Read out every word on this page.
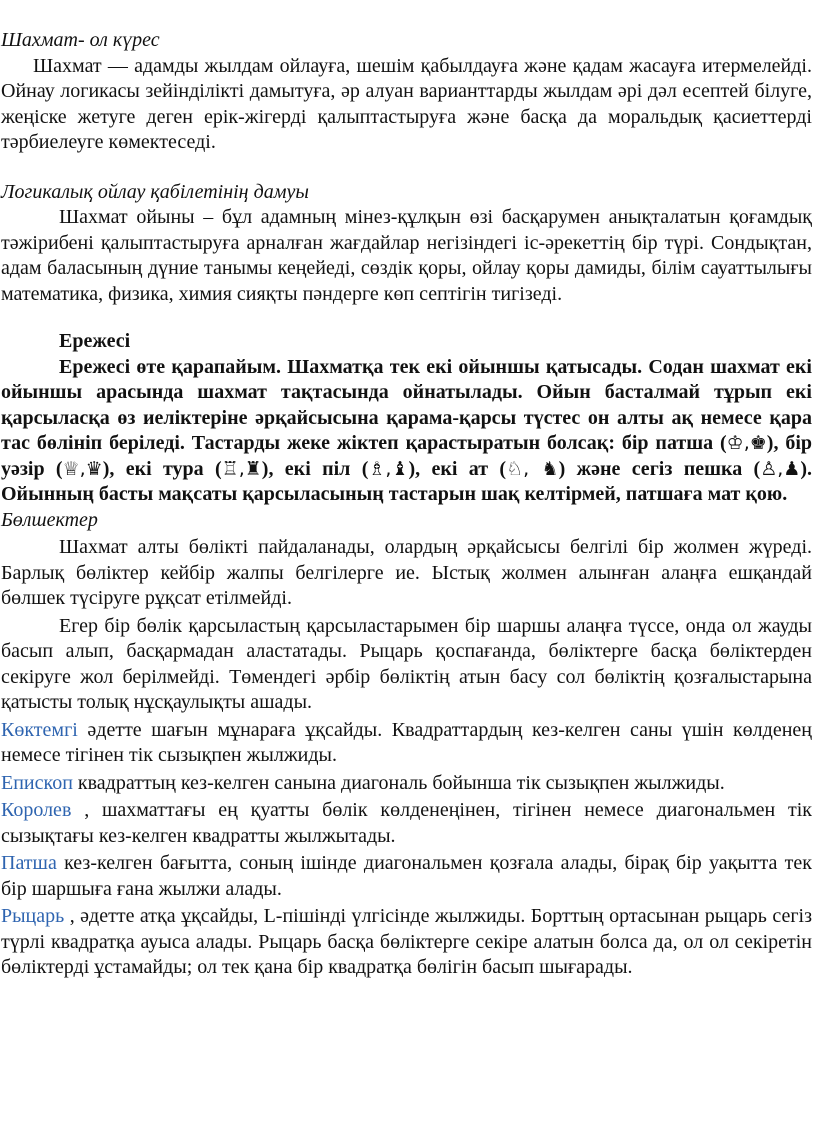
Шахмат- ол күрес

Шахмат — адамды жылдам ойлауға, шешім қабылдауға және қадам жасауға итермелейді. Ойнау логикасы зейінділікті дамытуға, әр алуан варианттарды жылдам әрі дәл есептей білуге, жеңіске жетуге деген ерік-жігерді қалыптастыруға және басқа да моральдық қасиеттерді тәрбиелеуге көмектеседі.

Логикалық ойлау қабілетінің дамуы

Шахмат ойыны – бұл адамның мінез-құлқын өзі басқарумен анықталатын қоғамдық тәжірибені қалыптастыруға арналған жағдайлар негізіндегі іс-әрекеттің бір түрі. Сондықтан, адам баласының дүние танымы кеңейеді, сөздік қоры, ойлау қоры дамиды, білім сауаттылығы математика, физика, химия сияқты пәндерге көп септігін тигізеді.

Ережесі

Ережесі өте қарапайым. Шахматқа тек екі ойыншы қатысады. Содан шахмат екі ойыншы арасында шахмат тақтасында ойнатылады. Ойын басталмай тұрып екі қарсыласқа өз иеліктеріне әрқайсысына қарама-қарсы түстес он алты ақ немесе қара тас бөлініп беріледі. Тастарды жеке жіктеп қарастыратын болсақ: бір патша (♔,♚), бір уәзір (♕,♛), екі тура (♖,♜), екі піл (♗,♝), екі ат (♘, ♞) және сегіз пешка (♙,♟). Ойынның басты мақсаты қарсыласының тастарын шақ келтірмей, патшаға мат қою.

Бөлшектер

Шахмат алты бөлікті пайдаланады, олардың әрқайсысы белгілі бір жолмен жүреді. Барлық бөліктер кейбір жалпы белгілерге ие. Ыстық жолмен алынған алаңға ешқандай бөлшек түсіруге рұқсат етілмейді.

Егер бір бөлік қарсыластың қарсыластарымен бір шаршы алаңға түссе, онда ол жауды басып алып, басқармадан аластатады. Рыцарь қоспағанда, бөліктерге басқа бөліктерден секіруге жол берілмейді. Төмендегі әрбір бөліктің атын басу сол бөліктің қозғалыстарына қатысты толық нұсқаулықты ашады.

Көктемгі әдетте шағын мұнараға ұқсайды. Квадраттардың кез-келген саны үшін көлденең немесе тігінен тік сызықпен жылжиды.

Епископ квадраттың кез-келген санына диагональ бойынша тік сызықпен жылжиды.

Королев , шахматтағы ең қуатты бөлік көлденеңінен, тігінен немесе диагональмен тік сызықтағы кез-келген квадратты жылжытады.

Патша кез-келген бағытта, соның ішінде диагональмен қозғала алады, бірақ бір уақытта тек бір шаршыға ғана жылжи алады.

Рыцарь , әдетте атқа ұқсайды, L-пішінді үлгісінде жылжиды. Борттың ортасынан рыцарь сегіз түрлі квадратқа ауыса алады. Рыцарь басқа бөліктерге секіре алатын болса да, ол ол секіретін бөліктерді ұстамайды; ол тек қана бір квадратқа бөлігін басып шығарады.
